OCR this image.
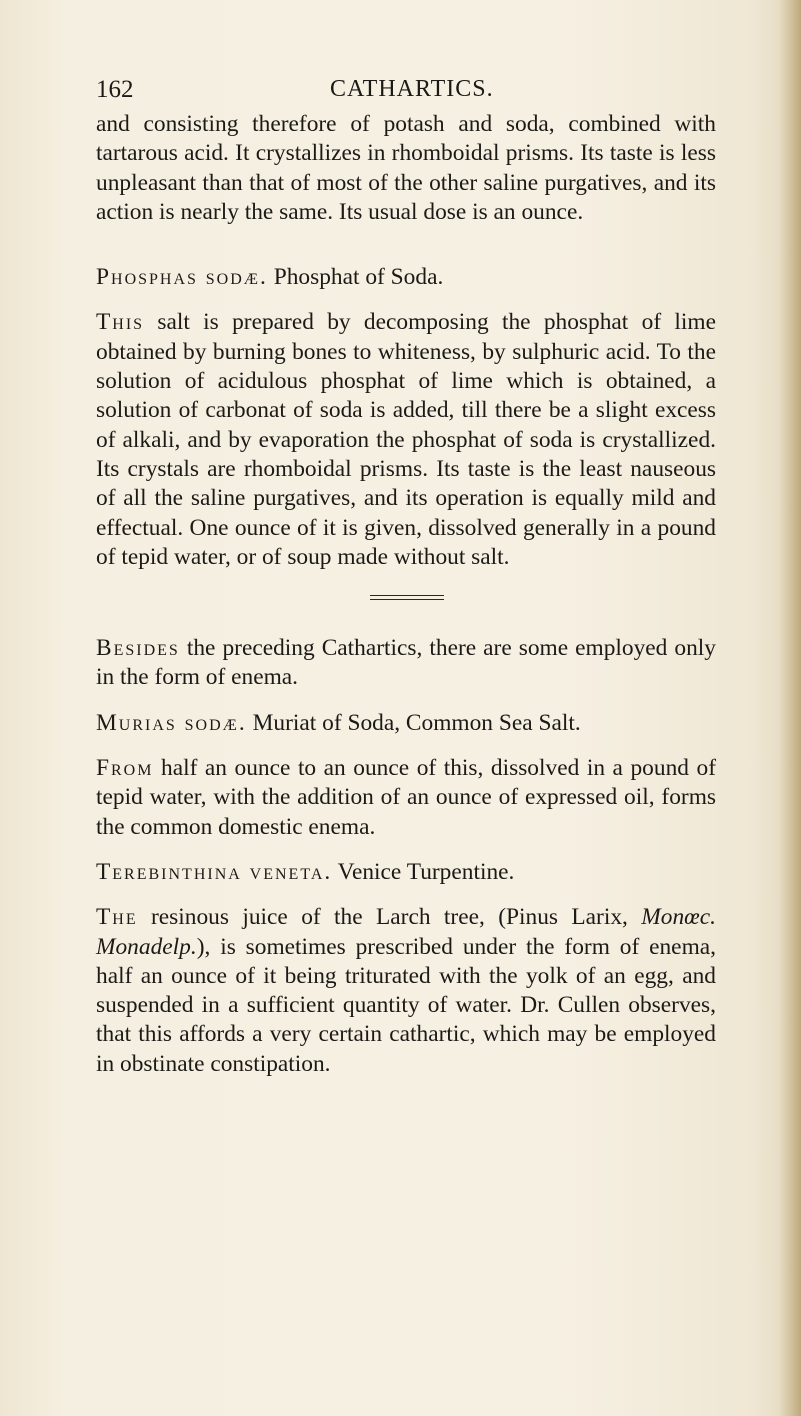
162	CATHARTICS.

and consisting therefore of potash and soda, combined with tartarous acid. It crystallizes in rhomboidal prisms. Its taste is less unpleasant than that of most of the other saline purgatives, and its action is nearly the same. Its usual dose is an ounce.

Phosphas sodæ. Phosphat of Soda.

This salt is prepared by decomposing the phosphat of lime obtained by burning bones to whiteness, by sulphuric acid. To the solution of acidulous phosphat of lime which is obtained, a solution of carbonat of soda is added, till there be a slight excess of alkali, and by evaporation the phosphat of soda is crystallized. Its crystals are rhomboidal prisms. Its taste is the least nauseous of all the saline purgatives, and its operation is equally mild and effectual. One ounce of it is given, dissolved generally in a pound of tepid water, or of soup made without salt.

Besides the preceding Cathartics, there are some employed only in the form of enema.

Murias sodæ. Muriat of Soda, Common Sea Salt.

From half an ounce to an ounce of this, dissolved in a pound of tepid water, with the addition of an ounce of expressed oil, forms the common domestic enema.

Terebinthina veneta. Venice Turpentine.

The resinous juice of the Larch tree, (Pinus Larix, Monœc. Monadelp.), is sometimes prescribed under the form of enema, half an ounce of it being triturated with the yolk of an egg, and suspended in a sufficient quantity of water. Dr. Cullen observes, that this affords a very certain cathartic, which may be employed in obstinate constipation.
